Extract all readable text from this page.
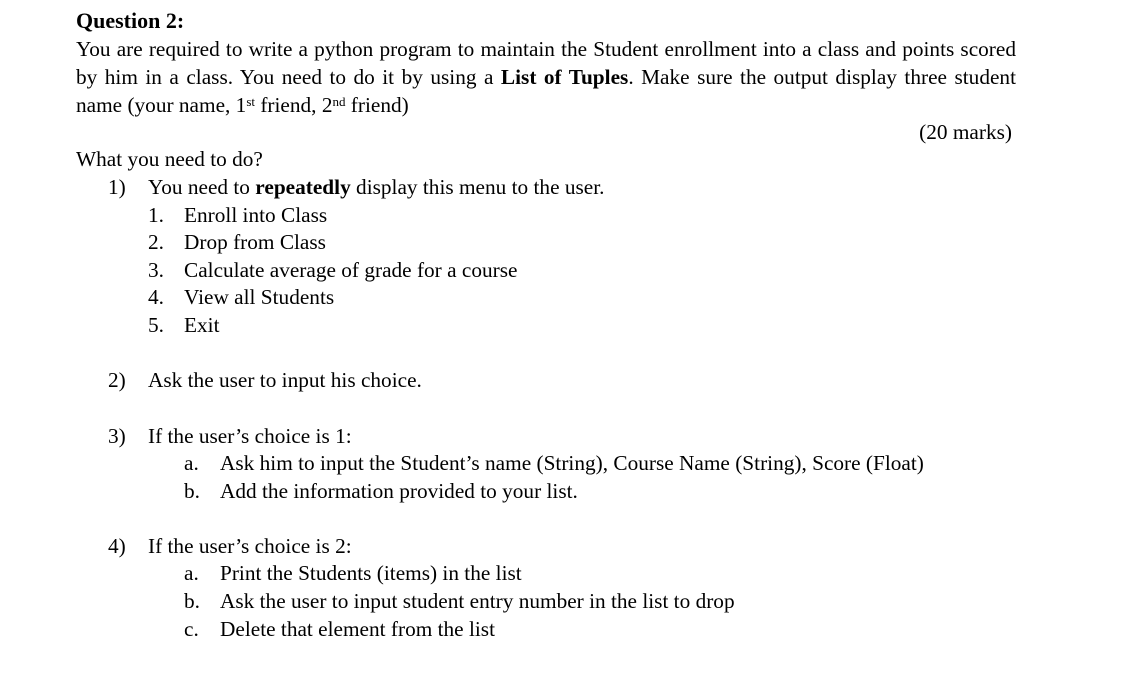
Question 2:
You are required to write a python program to maintain the Student enrollment into a class and points scored by him in a class. You need to do it by using a List of Tuples. Make sure the output display three student name (your name, 1st friend, 2nd friend)
(20 marks)
What you need to do?
1) You need to repeatedly display this menu to the user.
1. Enroll into Class
2. Drop from Class
3. Calculate average of grade for a course
4. View all Students
5. Exit
2) Ask the user to input his choice.
3) If the user’s choice is 1:
a. Ask him to input the Student’s name (String), Course Name (String), Score (Float)
b. Add the information provided to your list.
4) If the user’s choice is 2:
a. Print the Students (items) in the list
b. Ask the user to input student entry number in the list to drop
c. Delete that element from the list
